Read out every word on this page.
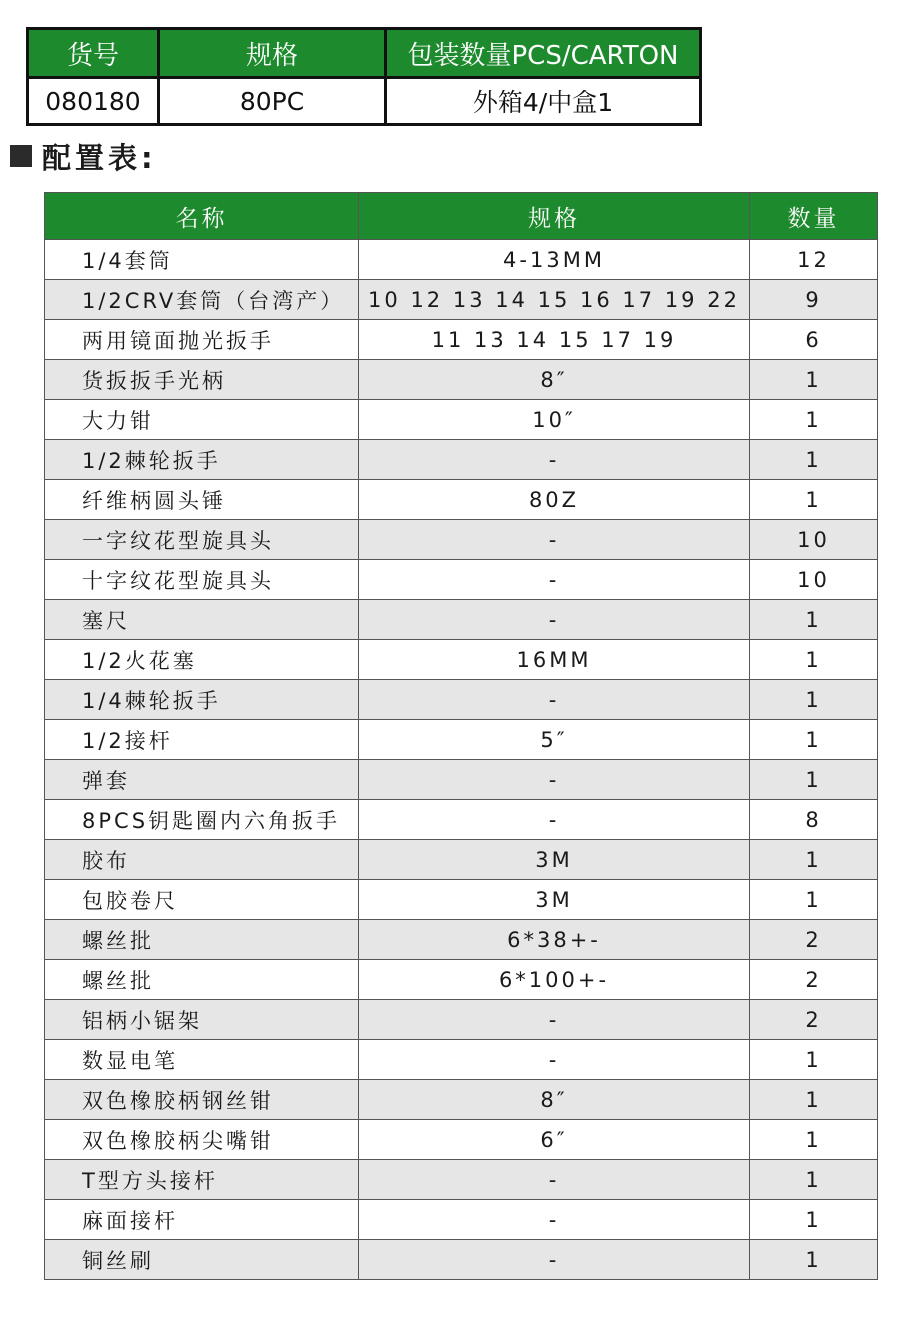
货号	规格	包装数量PCS/CARTON
080180	80PC	外箱4/中盒1
配置表:
名称	规格	数量
1/4套筒	4-13MM	12
1/2CRV套筒（台湾产）	10 12 13 14 15 16 17 19 22	9
两用镜面抛光扳手	11 13 14 15 17 19	6
货扳扳手光柄	8″	1
大力钳	10″	1
1/2棘轮扳手	-	1
纤维柄圆头锤	80Z	1
一字纹花型旋具头	-	10
十字纹花型旋具头	-	10
塞尺	-	1
1/2火花塞	16MM	1
1/4棘轮扳手	-	1
1/2接杆	5″	1
弹套	-	1
8PCS钥匙圈内六角扳手	-	8
胶布	3M	1
包胶卷尺	3M	1
螺丝批	6*38+-	2
螺丝批	6*100+-	2
铝柄小锯架	-	2
数显电笔	-	1
双色橡胶柄钢丝钳	8″	1
双色橡胶柄尖嘴钳	6″	1
T型方头接杆	-	1
麻面接杆	-	1
铜丝刷	-	1
